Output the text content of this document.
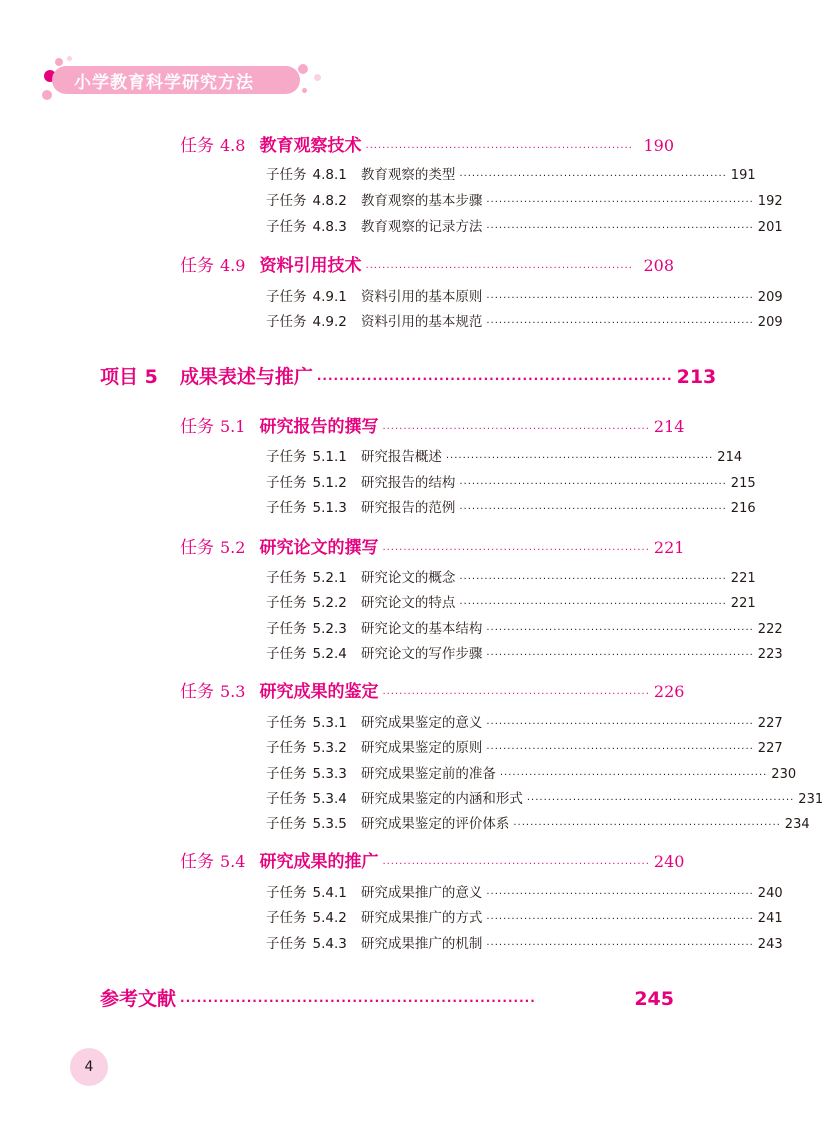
小学教育科学研究方法
任务 4.8 教育观察技术 ································································ 190
子任务 4.8.1 教育观察的类型 ································································ 191
子任务 4.8.2 教育观察的基本步骤 ································································ 192
子任务 4.8.3 教育观察的记录方法 ································································ 201
任务 4.9 资料引用技术 ································································ 208
子任务 4.9.1 资料引用的基本原则 ································································ 209
子任务 4.9.2 资料引用的基本规范 ································································ 209
项目 5 成果表述与推广 ································································ 213
任务 5.1 研究报告的撰写 ································································ 214
子任务 5.1.1 研究报告概述 ································································ 214
子任务 5.1.2 研究报告的结构 ································································ 215
子任务 5.1.3 研究报告的范例 ································································ 216
任务 5.2 研究论文的撰写 ································································ 221
子任务 5.2.1 研究论文的概念 ································································ 221
子任务 5.2.2 研究论文的特点 ································································ 221
子任务 5.2.3 研究论文的基本结构 ································································ 222
子任务 5.2.4 研究论文的写作步骤 ································································ 223
任务 5.3 研究成果的鉴定 ································································ 226
子任务 5.3.1 研究成果鉴定的意义 ································································ 227
子任务 5.3.2 研究成果鉴定的原则 ································································ 227
子任务 5.3.3 研究成果鉴定前的准备 ································································ 230
子任务 5.3.4 研究成果鉴定的内涵和形式 ································································ 231
子任务 5.3.5 研究成果鉴定的评价体系 ································································ 234
任务 5.4 研究成果的推广 ································································ 240
子任务 5.4.1 研究成果推广的意义 ································································ 240
子任务 5.4.2 研究成果推广的方式 ································································ 241
子任务 5.4.3 研究成果推广的机制 ································································ 243
参考文献 ································································	245
4
